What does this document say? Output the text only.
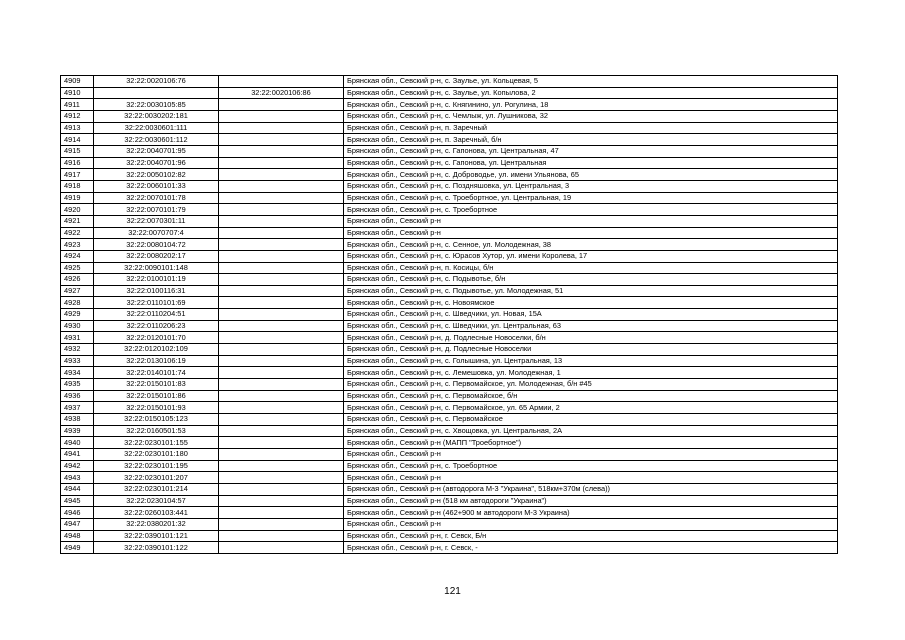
4909	32:22:0020106:76		Брянская обл., Севский р-н, с. Заулье, ул. Кольцевая, 5
4910		32:22:0020106:86	Брянская обл., Севский р-н, с. Заулье, ул. Копылова, 2
4911	32:22:0030105:85		Брянская обл., Севский р-н, с. Княгинино, ул. Рогулина, 18
4912	32:22:0030202:181		Брянская обл., Севский р-н, с. Чемлыж, ул. Лушникова, 32
4913	32:22:0030601:111		Брянская обл., Севский р-н, п. Заречный
4914	32:22:0030601:112		Брянская обл., Севский р-н, п. Заречный, б/н
4915	32:22:0040701:95		Брянская обл., Севский р-н, с. Гапонова, ул. Центральная, 47
4916	32:22:0040701:96		Брянская обл., Севский р-н, с. Гапонова, ул. Центральная
4917	32:22:0050102:82		Брянская обл., Севский р-н, с. Доброводье, ул. имени Ульянова, 65
4918	32:22:0060101:33		Брянская обл., Севский р-н, с. Поздняшовка, ул. Центральная, 3
4919	32:22:0070101:78		Брянская обл., Севский р-н, с. Троебортное, ул. Центральная, 19
4920	32:22:0070101:79		Брянская обл., Севский р-н, с. Троебортное
4921	32:22:0070301:11		Брянская обл., Севский р-н
4922	32:22:0070707:4		Брянская обл., Севский р-н
4923	32:22:0080104:72		Брянская обл., Севский р-н, с. Сенное, ул. Молодежная, 38
4924	32:22:0080202:17		Брянская обл., Севский р-н, с. Юрасов Хутор, ул. имени Королева, 17
4925	32:22:0090101:148		Брянская обл., Севский р-н, п. Косицы, б/н
4926	32:22:0100101:19		Брянская обл., Севский р-н, с. Подывотье, б/н
4927	32:22:0100116:31		Брянская обл., Севский р-н, с. Подывотье, ул. Молодежная, 51
4928	32:22:0110101:69		Брянская обл., Севский р-н, с. Новоямское
4929	32:22:0110204:51		Брянская обл., Севский р-н, с. Шведчики, ул. Новая, 15А
4930	32:22:0110206:23		Брянская обл., Севский р-н, с. Шведчики, ул. Центральная, 63
4931	32:22:0120101:70		Брянская обл., Севский р-н, д. Подлесные Новоселки, б/н
4932	32:22:0120102:109		Брянская обл., Севский р-н, д. Подлесные Новоселки
4933	32:22:0130106:19		Брянская обл., Севский р-н, с. Голышина, ул. Центральная, 13
4934	32:22:0140101:74		Брянская обл., Севский р-н, с. Лемешовка, ул. Молодежная, 1
4935	32:22:0150101:83		Брянская обл., Севский р-н, с. Первомайское, ул. Молодежная, б/н #45
4936	32:22:0150101:86		Брянская обл., Севский р-н, с. Первомайское, б/н
4937	32:22:0150101:93		Брянская обл., Севский р-н, с. Первомайское, ул. 65 Армии, 2
4938	32:22:0150105:123		Брянская обл., Севский р-н, с. Первомайское
4939	32:22:0160501:53		Брянская обл., Севский р-н, с. Хвощовка, ул. Центральная, 2А
4940	32:22:0230101:155		Брянская обл., Севский р-н (МАПП "Троебортное")
4941	32:22:0230101:180		Брянская обл., Севский р-н
4942	32:22:0230101:195		Брянская обл., Севский р-н, с. Троебортное
4943	32:22:0230101:207		Брянская обл., Севский р-н
4944	32:22:0230101:214		Брянская обл., Севский р-н (автодорога М-3 "Украина", 518км+370м (слева))
4945	32:22:0230104:57		Брянская обл., Севский р-н (518 км автодороги "Украина")
4946	32:22:0260103:441		Брянская обл., Севский р-н (462+900 м автодороги М-3 Украина)
4947	32:22:0380201:32		Брянская обл., Севский р-н
4948	32:22:0390101:121		Брянская обл., Севский р-н, г. Севск, Б/н
4949	32:22:0390101:122		Брянская обл., Севский р-н, г. Севск, -
121
